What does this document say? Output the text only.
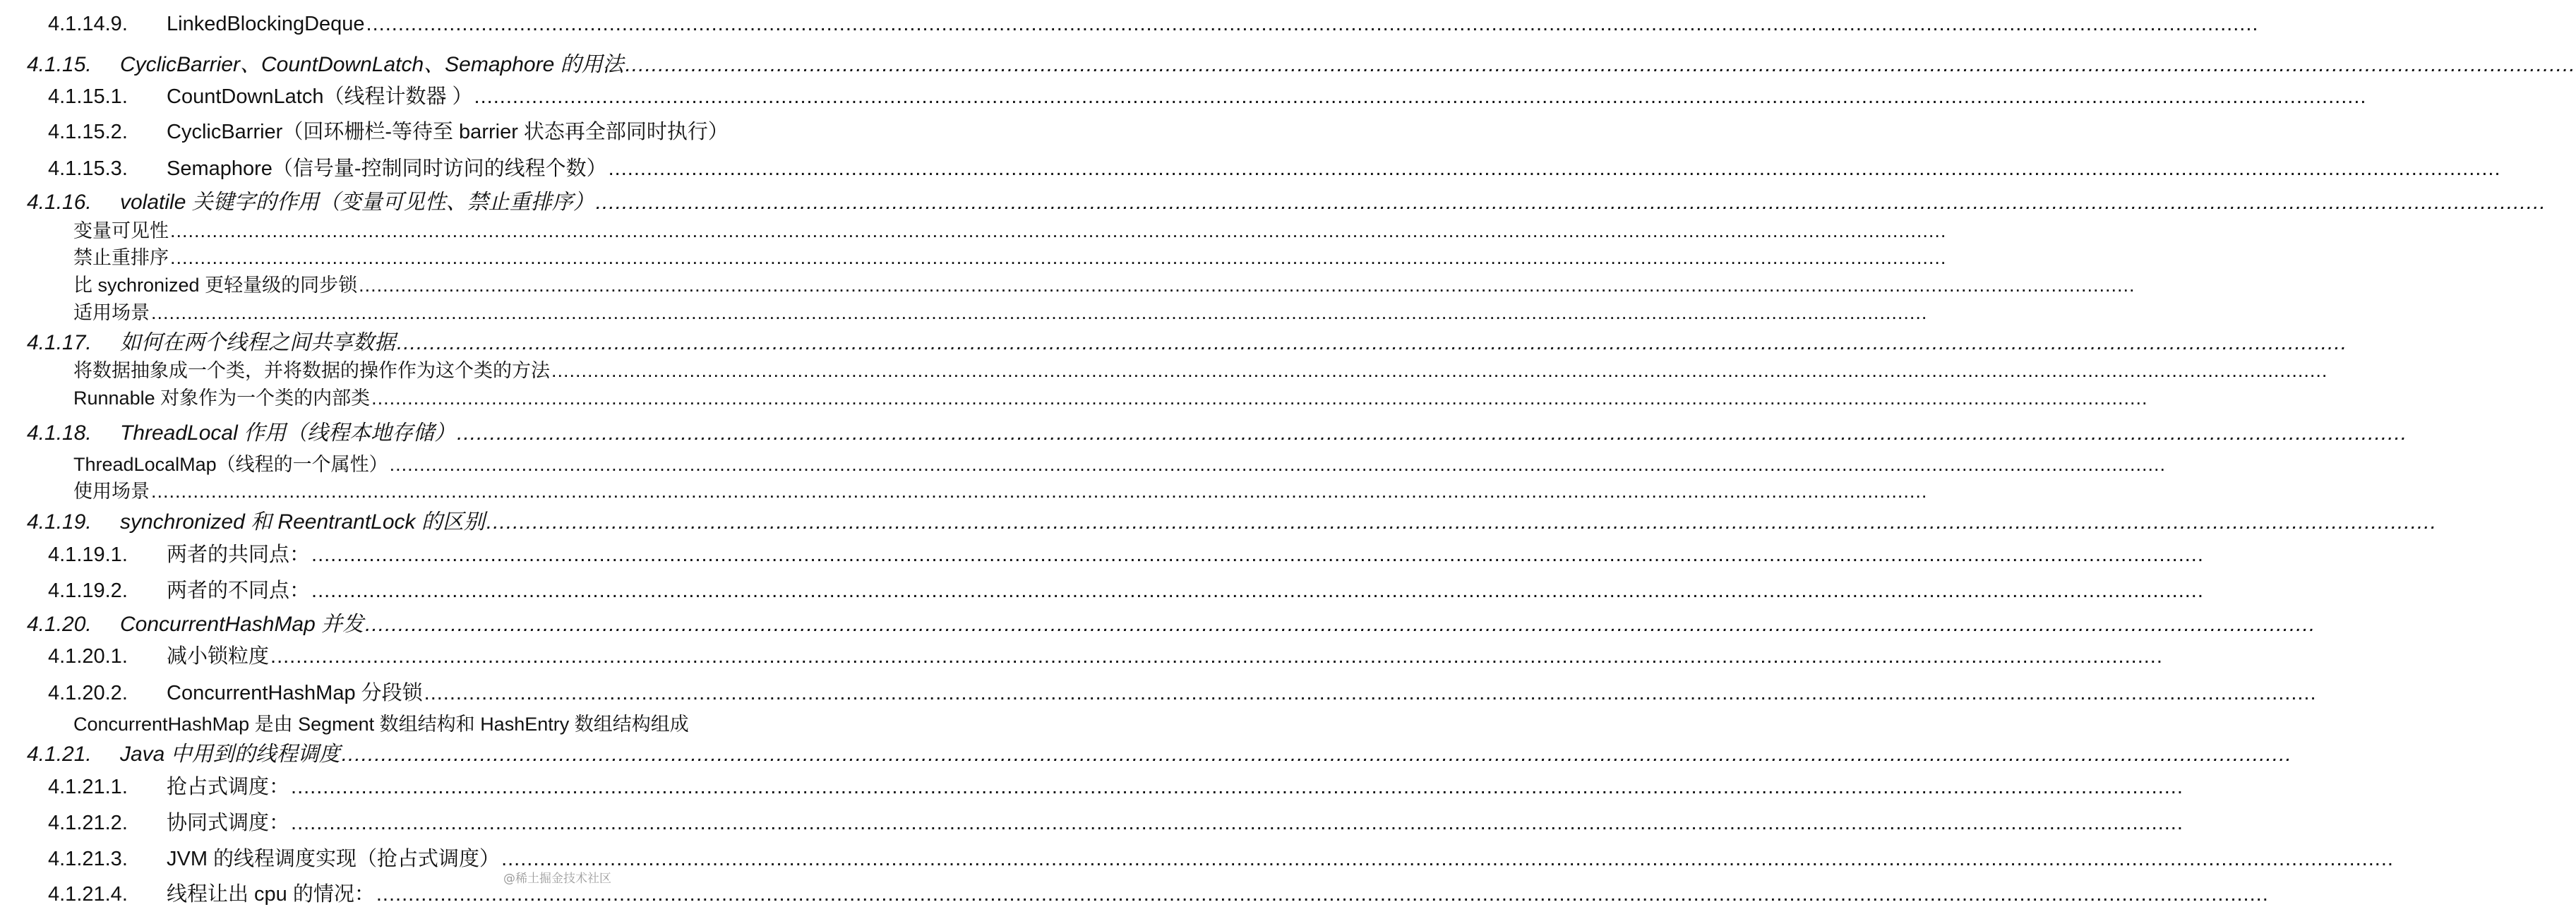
4.1.14.9.	LinkedBlockingDeque
.....
4.1.15.	CyclicBarrier、CountDownLatch、Semaphore 的用法
.....
4.1.15.1.	CountDownLatch（线程计数器 ）
.....
4.1.15.2.	CyclicBarrier（回环栅栏-等待至 barrier 状态再全部同时执行）
4.1.15.3.	Semaphore（信号量-控制同时访问的线程个数）
.....
4.1.16.	volatile 关键字的作用（变量可见性、禁止重排序）
.....
变量可见性
.....
禁止重排序
.....
比 sychronized 更轻量级的同步锁
.....
适用场景
.....
4.1.17.	如何在两个线程之间共享数据
.....
将数据抽象成一个类，并将数据的操作作为这个类的方法
.....
Runnable 对象作为一个类的内部类
.....
4.1.18.	ThreadLocal 作用（线程本地存储）
.....
ThreadLocalMap（线程的一个属性）
.....
使用场景
.....
4.1.19.	synchronized 和 ReentrantLock 的区别
.....
4.1.19.1.	两者的共同点：
.....
4.1.19.2.	两者的不同点：
.....
4.1.20.	ConcurrentHashMap 并发
.....
4.1.20.1.	减小锁粒度
.....
4.1.20.2.	ConcurrentHashMap 分段锁
.....
ConcurrentHashMap 是由 Segment 数组结构和 HashEntry 数组结构组成
4.1.21.	Java 中用到的线程调度
.....
4.1.21.1.	抢占式调度：
.....
4.1.21.2.	协同式调度：
.....
4.1.21.3.	JVM 的线程调度实现（抢占式调度）
.....
4.1.21.4.	线程让出 cpu 的情况：
.....
@稀土掘金技术社区
